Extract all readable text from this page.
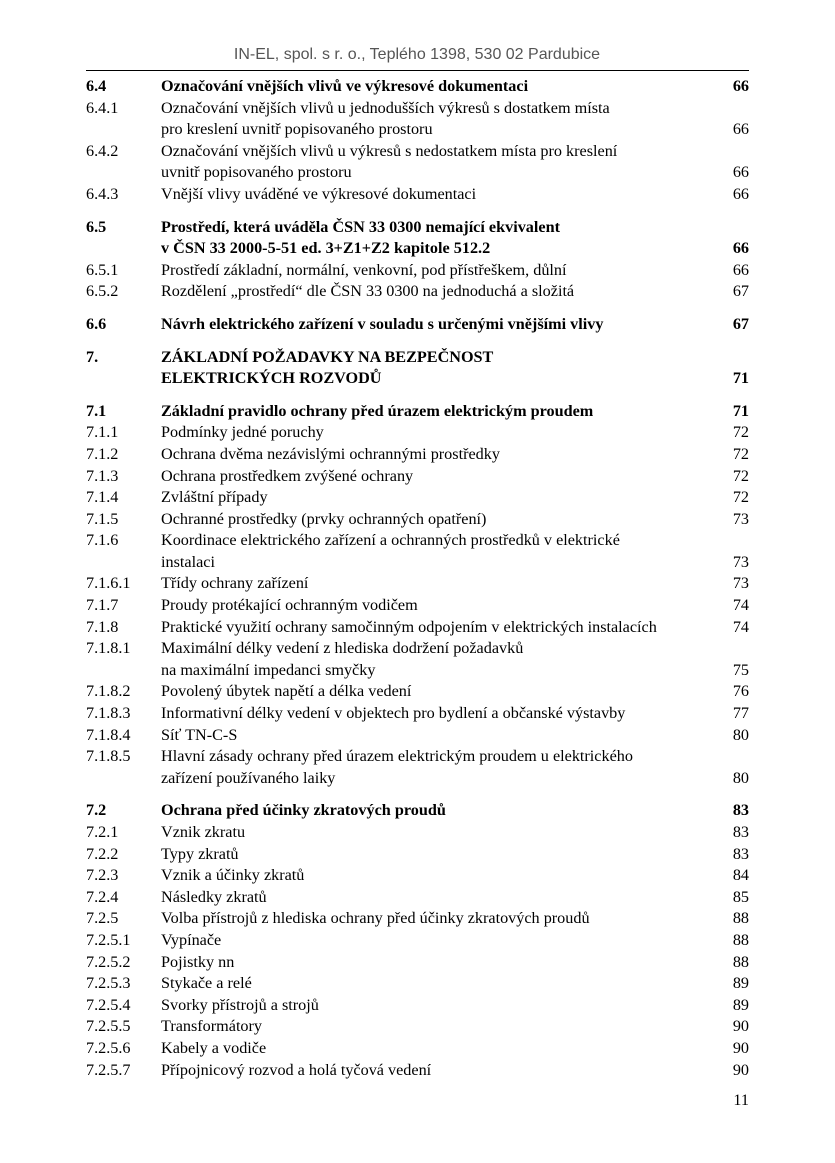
IN-EL, spol. s r. o., Teplého 1398, 530 02 Pardubice
6.4	Označování vnějších vlivů ve výkresové dokumentaci	66
6.4.1	Označování vnějších vlivů u jednodušších výkresů s dostatkem místa
pro kreslení uvnitř popisovaného prostoru	66
6.4.2	Označování vnějších vlivů u výkresů s nedostatkem místa pro kreslení
uvnitř popisovaného prostoru	66
6.4.3	Vnější vlivy uváděné ve výkresové dokumentaci	66
6.5	Prostředí, která uváděla ČSN 33 0300 nemající ekvivalent
v ČSN 33 2000-5-51 ed. 3+Z1+Z2 kapitole 512.2	66
6.5.1	Prostředí základní, normální, venkovní, pod přístřeškem, důlní	66
6.5.2	Rozdělení „prostředí“ dle ČSN 33 0300 na jednoduchá a složitá	67
6.6	Návrh elektrického zařízení v souladu s určenými vnějšími vlivy	67
7.	ZÁKLADNÍ POŽADAVKY NA BEZPEČNOST
ELEKTRICKÝCH ROZVODŮ	71
7.1	Základní pravidlo ochrany před úrazem elektrickým proudem	71
7.1.1	Podmínky jedné poruchy	72
7.1.2	Ochrana dvěma nezávislými ochrannými prostředky	72
7.1.3	Ochrana prostředkem zvýšené ochrany	72
7.1.4	Zvláštní případy	72
7.1.5	Ochranné prostředky (prvky ochranných opatření)	73
7.1.6	Koordinace elektrického zařízení a ochranných prostředků v elektrické
instalaci	73
7.1.6.1	Třídy ochrany zařízení	73
7.1.7	Proudy protékající ochranným vodičem	74
7.1.8	Praktické využití ochrany samočinným odpojením v elektrických instalacích	74
7.1.8.1	Maximální délky vedení z hlediska dodržení požadavků
na maximální impedanci smyčky	75
7.1.8.2	Povolený úbytek napětí a délka vedení	76
7.1.8.3	Informativní délky vedení v objektech pro bydlení a občanské výstavby	77
7.1.8.4	Síť TN-C-S	80
7.1.8.5	Hlavní zásady ochrany před úrazem elektrickým proudem u elektrického
zařízení používaného laiky	80
7.2	Ochrana před účinky zkratových proudů	83
7.2.1	Vznik zkratu	83
7.2.2	Typy zkratů	83
7.2.3	Vznik a účinky zkratů	84
7.2.4	Následky zkratů	85
7.2.5	Volba přístrojů z hlediska ochrany před účinky zkratových proudů	88
7.2.5.1	Vypínače	88
7.2.5.2	Pojistky nn	88
7.2.5.3	Stykače a relé	89
7.2.5.4	Svorky přístrojů a strojů	89
7.2.5.5	Transformátory	90
7.2.5.6	Kabely a vodiče	90
7.2.5.7	Přípojnicový rozvod a holá tyčová vedení	90
11
